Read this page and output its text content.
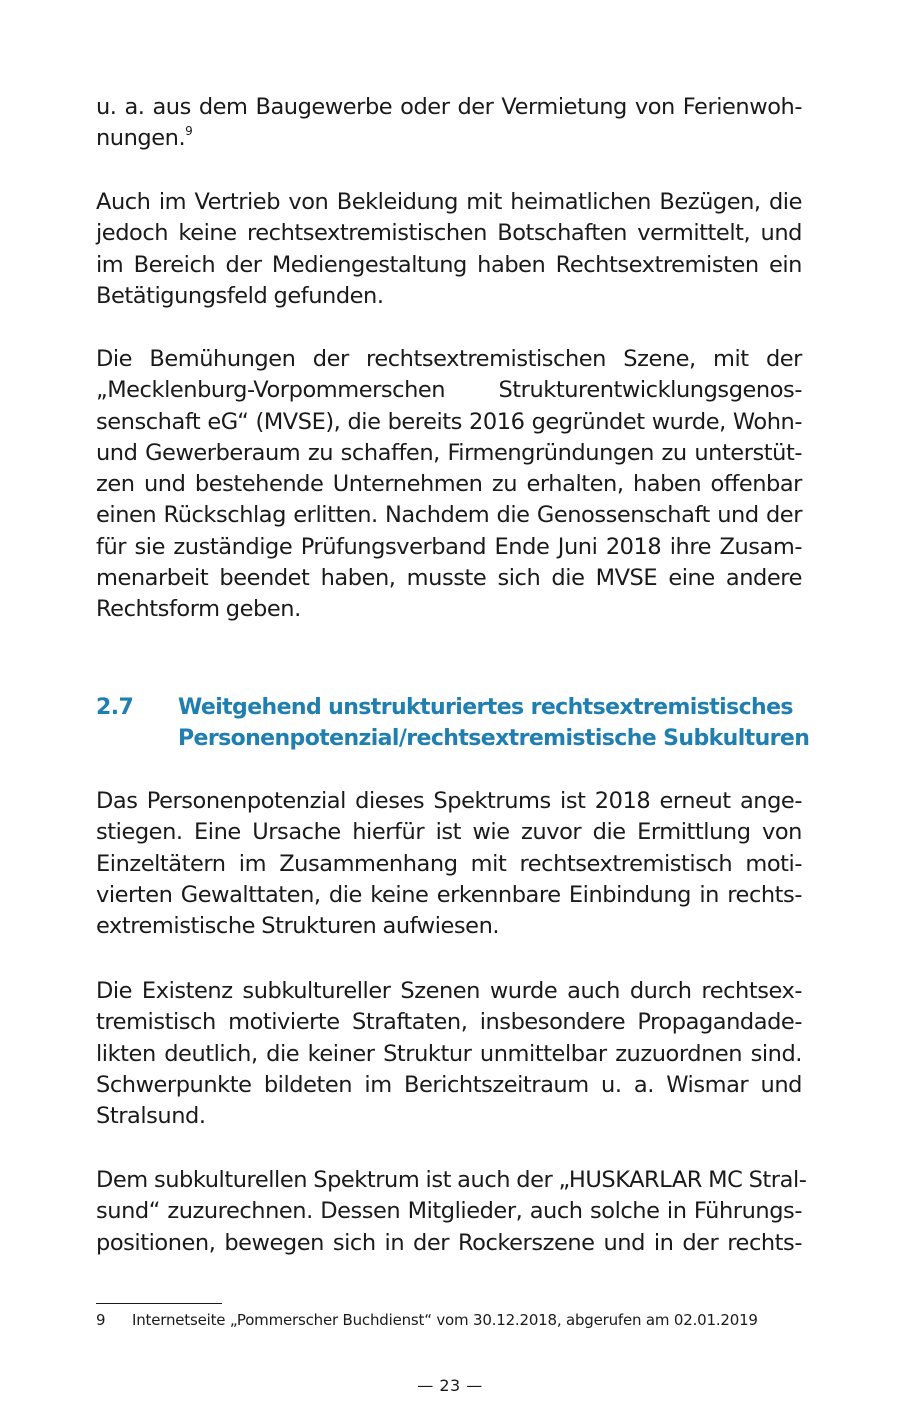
u. a. aus dem Baugewerbe oder der Vermietung von Ferienwoh-
nungen.$^9$

Auch im Vertrieb von Bekleidung mit heimatlichen Bezügen, die
jedoch keine rechtsextremistischen Botschaften vermittelt, und
im Bereich der Mediengestaltung haben Rechtsextremisten ein
Betätigungsfeld gefunden.

Die Bemühungen der rechtsextremistischen Szene, mit der
„Mecklenburg-Vorpommerschen Strukturentwicklungsgenos-
senschaft eG“ (MVSE), die bereits 2016 gegründet wurde, Wohn-
und Gewerberaum zu schaffen, Firmengründungen zu unterstüt-
zen und bestehende Unternehmen zu erhalten, haben offenbar
einen Rückschlag erlitten. Nachdem die Genossenschaft und der
für sie zuständige Prüfungsverband Ende Juni 2018 ihre Zusam-
menarbeit beendet haben, musste sich die MVSE eine andere
Rechtsform geben.

2.7 Weitgehend unstrukturiertes rechtsextremistisches
Personenpotenzial/rechtsextremistische Subkulturen

Das Personenpotenzial dieses Spektrums ist 2018 erneut ange-
stiegen. Eine Ursache hierfür ist wie zuvor die Ermittlung von
Einzeltätern im Zusammenhang mit rechtsextremistisch moti-
vierten Gewalttaten, die keine erkennbare Einbindung in rechts-
extremistische Strukturen aufwiesen.

Die Existenz subkultureller Szenen wurde auch durch rechtsex-
tremistisch motivierte Straftaten, insbesondere Propagandade-
likten deutlich, die keiner Struktur unmittelbar zuzuordnen sind.
Schwerpunkte bildeten im Berichtszeitraum u. a. Wismar und
Stralsund.

Dem subkulturellen Spektrum ist auch der „HUSKARLAR MC Stral-
sund“ zuzurechnen. Dessen Mitglieder, auch solche in Führungs-
positionen, bewegen sich in der Rockerszene und in der rechts-

9 Internetseite „Pommerscher Buchdienst“ vom 30.12.2018, abgerufen am 02.01.2019
— 23 —
